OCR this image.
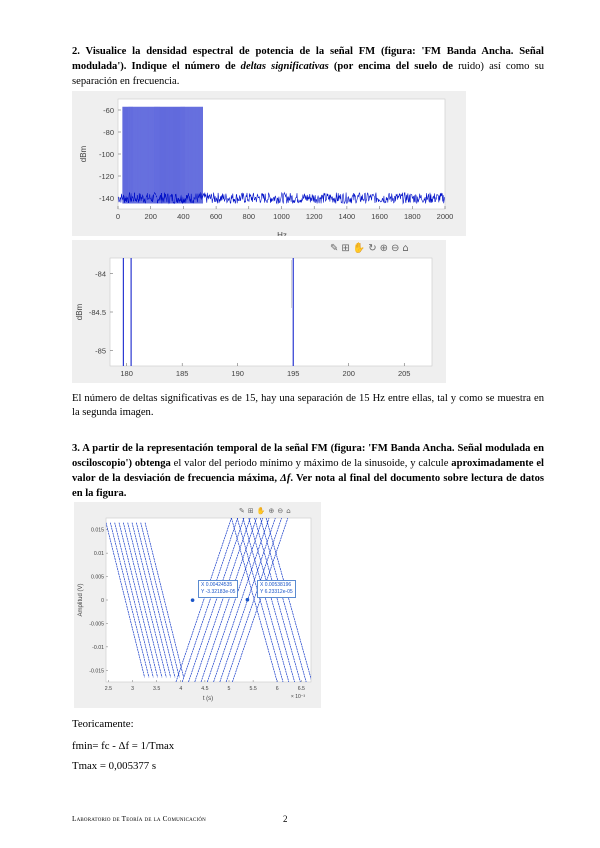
2. Visualice la densidad espectral de potencia de la señal FM (figura: 'FM Banda Ancha. Señal modulada'). Indique el número de deltas significativas (por encima del suelo de ruido) así como su separación en frecuencia.
-60
-80
-100
-120
-140
0	200	400	600	800 1000 1200 1400 1600 1800 2000
dBm
Hz
✎ ⊞ ✋ ↻ ⊕ ⊖ ⌂
-84
-84.5
-85
180	185	190	195	200	205
dBm
El número de deltas significativas es de 15, hay una separación de 15 Hz entre ellas, tal y como se muestra en la segunda imagen.
3. A partir de la representación temporal de la señal FM (figura: 'FM Banda Ancha. Señal modulada en osciloscopio') obtenga el valor del periodo mínimo y máximo de la sinusoide, y calcule aproximadamente el valor de la desviación de frecuencia máxima, Δf. Ver nota al final del documento sobre lectura de datos en la figura.
✎ ⊞ ✋ ⊕ ⊖ ⌂
0.015
0.01
0.005
0
-0.005
-0.01
-0.015
2.5	3	3.5	4	4.5	5	5.5	6	6.5
Amplitud (V)
t (s)	× 10⁻³
X 0.00424535
Y -3.32183e-05
X 0.00538196
Y 6.23312e-05
Teoricamente:
fmin= fc - Δf = 1/Tmax
Tmax = 0,005377 s
Laboratorio de Teoría de la Comunicación	2
